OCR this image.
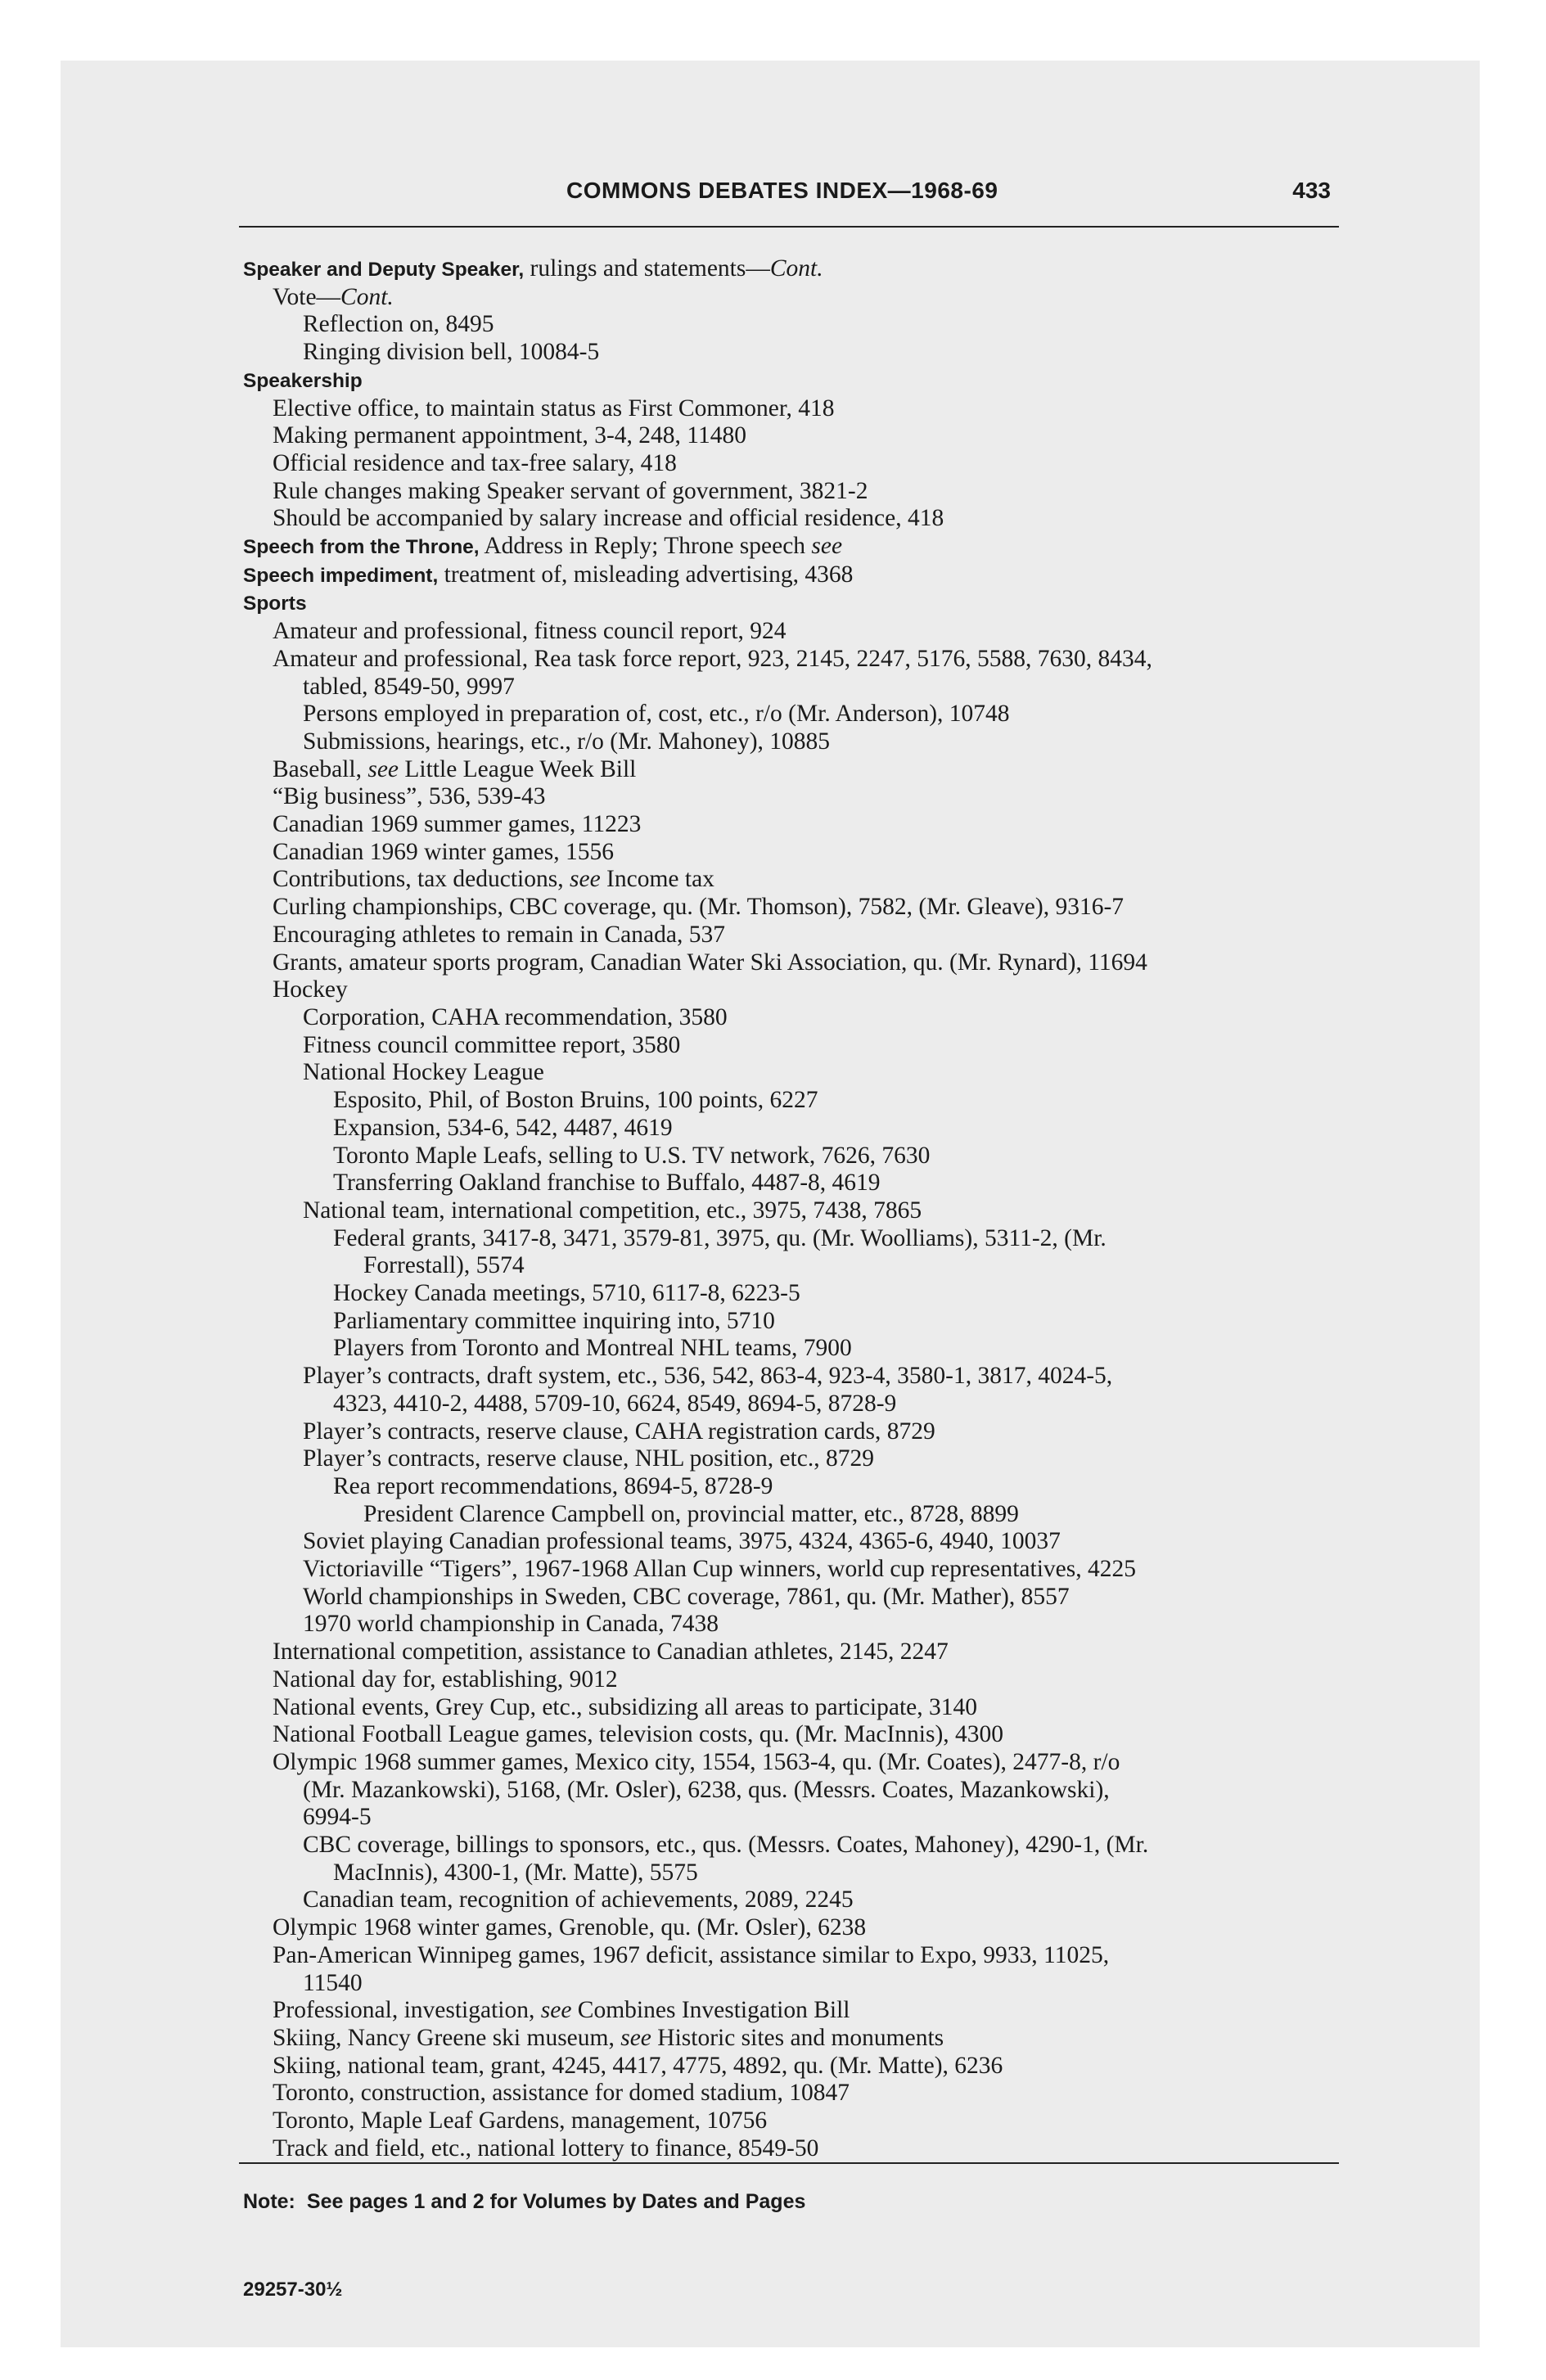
COMMONS DEBATES INDEX—1968-69	433
Speaker and Deputy Speaker, rulings and statements—Cont.
Vote—Cont.
Reflection on, 8495
Ringing division bell, 10084-5
Speakership
Elective office, to maintain status as First Commoner, 418
Making permanent appointment, 3-4, 248, 11480
Official residence and tax-free salary, 418
Rule changes making Speaker servant of government, 3821-2
Should be accompanied by salary increase and official residence, 418
Speech from the Throne, Address in Reply; Throne speech see
Speech impediment, treatment of, misleading advertising, 4368
Sports
Amateur and professional, fitness council report, 924
Amateur and professional, Rea task force report, 923, 2145, 2247, 5176, 5588, 7630, 8434,
tabled, 8549-50, 9997
Persons employed in preparation of, cost, etc., r/o (Mr. Anderson), 10748
Submissions, hearings, etc., r/o (Mr. Mahoney), 10885
Baseball, see Little League Week Bill
“Big business”, 536, 539-43
Canadian 1969 summer games, 11223
Canadian 1969 winter games, 1556
Contributions, tax deductions, see Income tax
Curling championships, CBC coverage, qu. (Mr. Thomson), 7582, (Mr. Gleave), 9316-7
Encouraging athletes to remain in Canada, 537
Grants, amateur sports program, Canadian Water Ski Association, qu. (Mr. Rynard), 11694
Hockey
Corporation, CAHA recommendation, 3580
Fitness council committee report, 3580
National Hockey League
Esposito, Phil, of Boston Bruins, 100 points, 6227
Expansion, 534-6, 542, 4487, 4619
Toronto Maple Leafs, selling to U.S. TV network, 7626, 7630
Transferring Oakland franchise to Buffalo, 4487-8, 4619
National team, international competition, etc., 3975, 7438, 7865
Federal grants, 3417-8, 3471, 3579-81, 3975, qu. (Mr. Woolliams), 5311-2, (Mr.
Forrestall), 5574
Hockey Canada meetings, 5710, 6117-8, 6223-5
Parliamentary committee inquiring into, 5710
Players from Toronto and Montreal NHL teams, 7900
Player’s contracts, draft system, etc., 536, 542, 863-4, 923-4, 3580-1, 3817, 4024-5,
4323, 4410-2, 4488, 5709-10, 6624, 8549, 8694-5, 8728-9
Player’s contracts, reserve clause, CAHA registration cards, 8729
Player’s contracts, reserve clause, NHL position, etc., 8729
Rea report recommendations, 8694-5, 8728-9
President Clarence Campbell on, provincial matter, etc., 8728, 8899
Soviet playing Canadian professional teams, 3975, 4324, 4365-6, 4940, 10037
Victoriaville “Tigers”, 1967-1968 Allan Cup winners, world cup representatives, 4225
World championships in Sweden, CBC coverage, 7861, qu. (Mr. Mather), 8557
1970 world championship in Canada, 7438
International competition, assistance to Canadian athletes, 2145, 2247
National day for, establishing, 9012
National events, Grey Cup, etc., subsidizing all areas to participate, 3140
National Football League games, television costs, qu. (Mr. MacInnis), 4300
Olympic 1968 summer games, Mexico city, 1554, 1563-4, qu. (Mr. Coates), 2477-8, r/o
(Mr. Mazankowski), 5168, (Mr. Osler), 6238, qus. (Messrs. Coates, Mazankowski),
6994-5
CBC coverage, billings to sponsors, etc., qus. (Messrs. Coates, Mahoney), 4290-1, (Mr.
MacInnis), 4300-1, (Mr. Matte), 5575
Canadian team, recognition of achievements, 2089, 2245
Olympic 1968 winter games, Grenoble, qu. (Mr. Osler), 6238
Pan-American Winnipeg games, 1967 deficit, assistance similar to Expo, 9933, 11025,
11540
Professional, investigation, see Combines Investigation Bill
Skiing, Nancy Greene ski museum, see Historic sites and monuments
Skiing, national team, grant, 4245, 4417, 4775, 4892, qu. (Mr. Matte), 6236
Toronto, construction, assistance for domed stadium, 10847
Toronto, Maple Leaf Gardens, management, 10756
Track and field, etc., national lottery to finance, 8549-50
Note: See pages 1 and 2 for Volumes by Dates and Pages
29257-30½
